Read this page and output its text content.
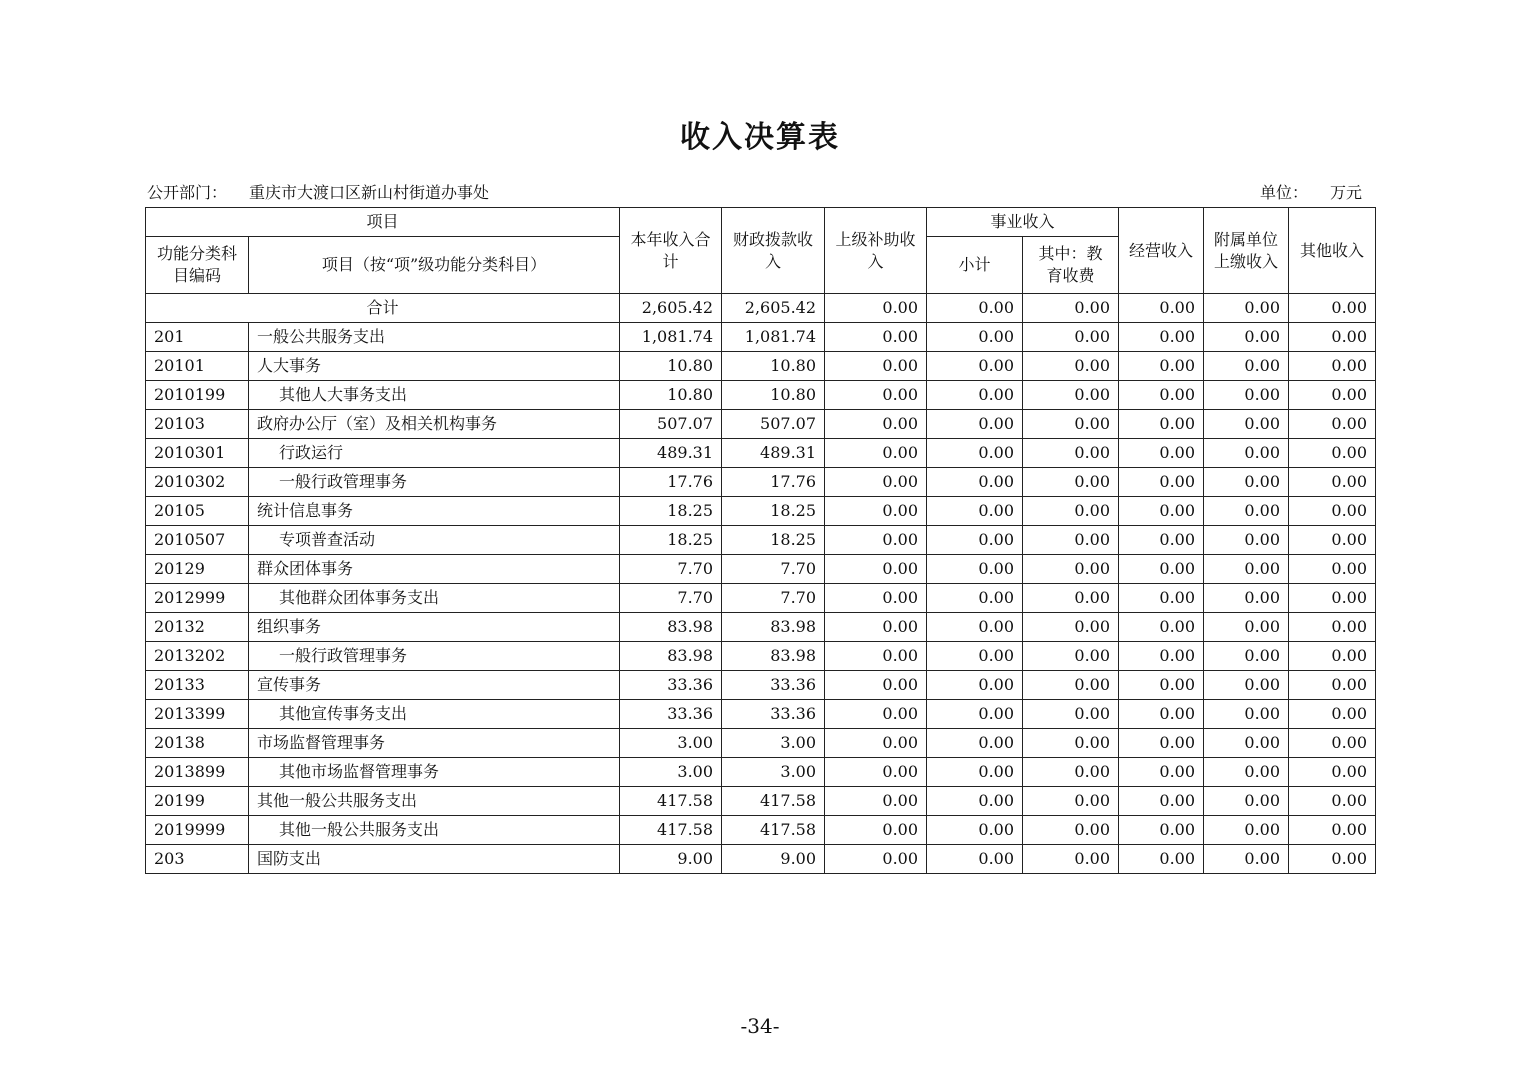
收入决算表
公开部门： 重庆市大渡口区新山村街道办事处	单位： 万元
项目		本年收入合计	财政拨款收入	上级补助收入	事业收入		经营收入	附属单位上缴收入	其他收入
功能分类科目编码	项目（按“项”级功能分类科目）				小计	其中：教育收费			
合计		2,605.42	2,605.42	0.00	0.00	0.00	0.00	0.00	0.00
201	一般公共服务支出	1,081.74	1,081.74	0.00	0.00	0.00	0.00	0.00	0.00
20101	人大事务	10.80	10.80	0.00	0.00	0.00	0.00	0.00	0.00
2010199	其他人大事务支出	10.80	10.80	0.00	0.00	0.00	0.00	0.00	0.00
20103	政府办公厅（室）及相关机构事务	507.07	507.07	0.00	0.00	0.00	0.00	0.00	0.00
2010301	行政运行	489.31	489.31	0.00	0.00	0.00	0.00	0.00	0.00
2010302	一般行政管理事务	17.76	17.76	0.00	0.00	0.00	0.00	0.00	0.00
20105	统计信息事务	18.25	18.25	0.00	0.00	0.00	0.00	0.00	0.00
2010507	专项普查活动	18.25	18.25	0.00	0.00	0.00	0.00	0.00	0.00
20129	群众团体事务	7.70	7.70	0.00	0.00	0.00	0.00	0.00	0.00
2012999	其他群众团体事务支出	7.70	7.70	0.00	0.00	0.00	0.00	0.00	0.00
20132	组织事务	83.98	83.98	0.00	0.00	0.00	0.00	0.00	0.00
2013202	一般行政管理事务	83.98	83.98	0.00	0.00	0.00	0.00	0.00	0.00
20133	宣传事务	33.36	33.36	0.00	0.00	0.00	0.00	0.00	0.00
2013399	其他宣传事务支出	33.36	33.36	0.00	0.00	0.00	0.00	0.00	0.00
20138	市场监督管理事务	3.00	3.00	0.00	0.00	0.00	0.00	0.00	0.00
2013899	其他市场监督管理事务	3.00	3.00	0.00	0.00	0.00	0.00	0.00	0.00
20199	其他一般公共服务支出	417.58	417.58	0.00	0.00	0.00	0.00	0.00	0.00
2019999	其他一般公共服务支出	417.58	417.58	0.00	0.00	0.00	0.00	0.00	0.00
203	国防支出	9.00	9.00	0.00	0.00	0.00	0.00	0.00	0.00
-34-
